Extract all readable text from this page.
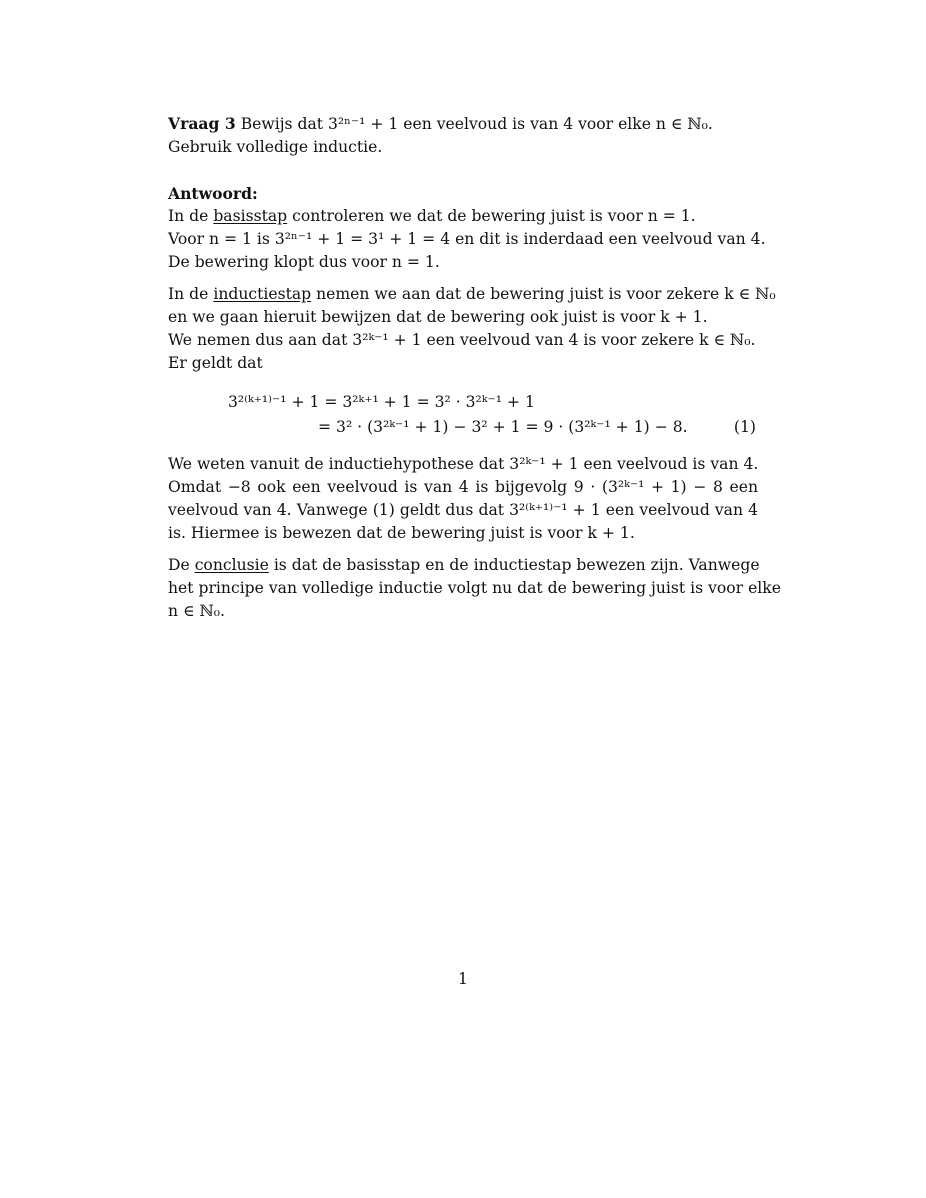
Vraag 3 Bewijs dat 3²ⁿ⁻¹ + 1 een veelvoud is van 4 voor elke n ∈ ℕ₀.
Gebruik volledige inductie.
Antwoord:
In de basisstap controleren we dat de bewering juist is voor n = 1.
Voor n = 1 is 3²ⁿ⁻¹ + 1 = 3¹ + 1 = 4 en dit is inderdaad een veelvoud van 4.
De bewering klopt dus voor n = 1.
In de inductiestap nemen we aan dat de bewering juist is voor zekere k ∈ ℕ₀
en we gaan hieruit bewijzen dat de bewering ook juist is voor k + 1.
We nemen dus aan dat 3²ᵏ⁻¹ + 1 een veelvoud van 4 is voor zekere k ∈ ℕ₀.
Er geldt dat
3²⁽ᵏ⁺¹⁾⁻¹ + 1 = 3²ᵏ⁺¹ + 1 = 3² · 3²ᵏ⁻¹ + 1
= 3² · (3²ᵏ⁻¹ + 1) − 3² + 1 = 9 · (3²ᵏ⁻¹ + 1) − 8.	(1)
We weten vanuit de inductiehypothese dat 3²ᵏ⁻¹ + 1 een veelvoud is van 4.
Omdat −8 ook een veelvoud is van 4 is bijgevolg 9 · (3²ᵏ⁻¹ + 1) − 8 een
veelvoud van 4. Vanwege (1) geldt dus dat 3²⁽ᵏ⁺¹⁾⁻¹ + 1 een veelvoud van 4
is. Hiermee is bewezen dat de bewering juist is voor k + 1.
De conclusie is dat de basisstap en de inductiestap bewezen zijn. Vanwege
het principe van volledige inductie volgt nu dat de bewering juist is voor elke
n ∈ ℕ₀.
1
